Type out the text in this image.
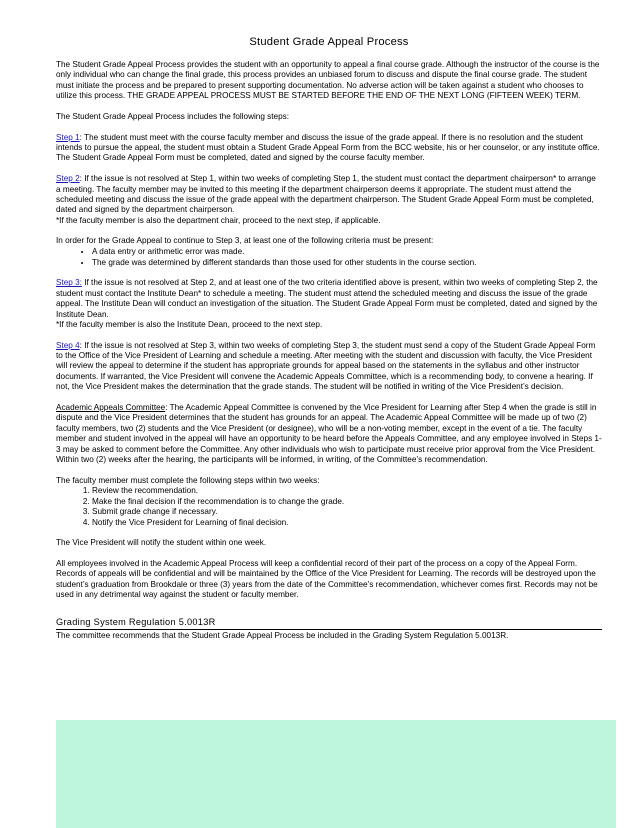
Student Grade Appeal Process

The Student Grade Appeal Process provides the student with an opportunity to appeal a final course grade. Although the instructor of the course is the only individual who can change the final grade, this process provides an unbiased forum to discuss and dispute the final course grade. The student must initiate the process and be prepared to present supporting documentation. No adverse action will be taken against a student who chooses to utilize this process. THE GRADE APPEAL PROCESS MUST BE STARTED BEFORE THE END OF THE NEXT LONG (FIFTEEN WEEK) TERM.

The Student Grade Appeal Process includes the following steps:

Step 1: The student must meet with the course faculty member and discuss the issue of the grade appeal. If there is no resolution and the student intends to pursue the appeal, the student must obtain a Student Grade Appeal Form from the BCC website, his or her counselor, or any institute office. The Student Grade Appeal Form must be completed, dated and signed by the course faculty member.

Step 2: If the issue is not resolved at Step 1, within two weeks of completing Step 1, the student must contact the department chairperson* to arrange a meeting. The faculty member may be invited to this meeting if the department chairperson deems it appropriate. The student must attend the scheduled meeting and discuss the issue of the grade appeal with the department chairperson. The Student Grade Appeal Form must be completed, dated and signed by the department chairperson.
*If the faculty member is also the department chair, proceed to the next step, if applicable.

In order for the Grade Appeal to continue to Step 3, at least one of the following criteria must be present:

• A data entry or arithmetic error was made.
• The grade was determined by different standards than those used for other students in the course section.

Step 3: If the issue is not resolved at Step 2, and at least one of the two criteria identified above is present, within two weeks of completing Step 2, the student must contact the Institute Dean* to schedule a meeting. The student must attend the scheduled meeting and discuss the issue of the grade appeal. The Institute Dean will conduct an investigation of the situation. The Student Grade Appeal Form must be completed, dated and signed by the Institute Dean.
*If the faculty member is also the Institute Dean, proceed to the next step.

Step 4: If the issue is not resolved at Step 3, within two weeks of completing Step 3, the student must send a copy of the Student Grade Appeal Form to the Office of the Vice President of Learning and schedule a meeting. After meeting with the student and discussion with faculty, the Vice President will review the appeal to determine if the student has appropriate grounds for appeal based on the statements in the syllabus and other instructor documents. If warranted, the Vice President will convene the Academic Appeals Committee, which is a recommending body, to convene a hearing. If not, the Vice President makes the determination that the grade stands. The student will be notified in writing of the Vice President’s decision.

Academic Appeals Committee: The Academic Appeal Committee is convened by the Vice President for Learning after Step 4 when the grade is still in dispute and the Vice President determines that the student has grounds for an appeal. The Academic Appeal Committee will be made up of two (2) faculty members, two (2) students and the Vice President (or designee), who will be a non-voting member, except in the event of a tie. The faculty member and student involved in the appeal will have an opportunity to be heard before the Appeals Committee, and any employee involved in Steps 1-3 may be asked to comment before the Committee. Any other individuals who wish to participate must receive prior approval from the Vice President. Within two (2) weeks after the hearing, the participants will be informed, in writing, of the Committee’s recommendation.

The faculty member must complete the following steps within two weeks:

1. Review the recommendation.
2. Make the final decision if the recommendation is to change the grade.
3. Submit grade change if necessary.
4. Notify the Vice President for Learning of final decision.

The Vice President will notify the student within one week.

All employees involved in the Academic Appeal Process will keep a confidential record of their part of the process on a copy of the Appeal Form. Records of appeals will be confidential and will be maintained by the Office of the Vice President for Learning. The records will be destroyed upon the student’s graduation from Brookdale or three (3) years from the date of the Committee’s recommendation, whichever comes first. Records may not be used in any detrimental way against the student or faculty member.

Grading System Regulation 5.0013R

The committee recommends that the Student Grade Appeal Process be included in the Grading System Regulation 5.0013R.
